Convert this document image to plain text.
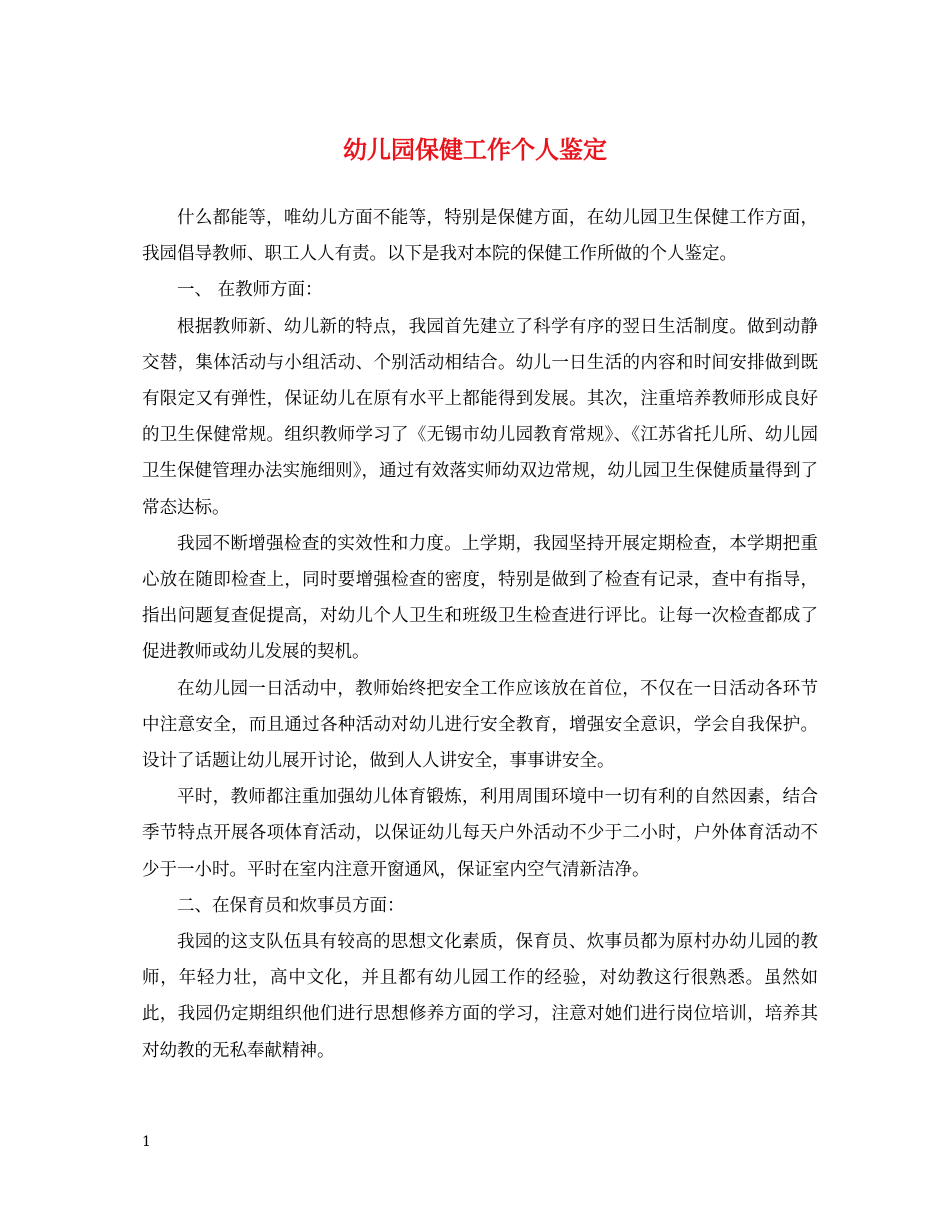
幼儿园保健工作个人鉴定

什么都能等，唯幼儿方面不能等，特别是保健方面，在幼儿园卫生保健工作方面，我园倡导教师、职工人人有责。以下是我对本院的保健工作所做的个人鉴定。

一、 在教师方面：

根据教师新、幼儿新的特点，我园首先建立了科学有序的翌日生活制度。做到动静交替，集体活动与小组活动、个别活动相结合。幼儿一日生活的内容和时间安排做到既有限定又有弹性，保证幼儿在原有水平上都能得到发展。其次，注重培养教师形成良好的卫生保健常规。组织教师学习了《无锡市幼儿园教育常规》、《江苏省托儿所、幼儿园卫生保健管理办法实施细则》，通过有效落实师幼双边常规，幼儿园卫生保健质量得到了常态达标。

我园不断增强检查的实效性和力度。上学期，我园坚持开展定期检查，本学期把重心放在随即检查上，同时要增强检查的密度，特别是做到了检查有记录，查中有指导，指出问题复查促提高，对幼儿个人卫生和班级卫生检查进行评比。让每一次检查都成了促进教师或幼儿发展的契机。

在幼儿园一日活动中，教师始终把安全工作应该放在首位，不仅在一日活动各环节中注意安全，而且通过各种活动对幼儿进行安全教育，增强安全意识，学会自我保护。设计了话题让幼儿展开讨论，做到人人讲安全，事事讲安全。

平时，教师都注重加强幼儿体育锻炼，利用周围环境中一切有利的自然因素，结合季节特点开展各项体育活动，以保证幼儿每天户外活动不少于二小时，户外体育活动不少于一小时。平时在室内注意开窗通风，保证室内空气清新洁净。

二、在保育员和炊事员方面：

我园的这支队伍具有较高的思想文化素质，保育员、炊事员都为原村办幼儿园的教师，年轻力壮，高中文化，并且都有幼儿园工作的经验，对幼教这行很熟悉。虽然如此，我园仍定期组织他们进行思想修养方面的学习，注意对她们进行岗位培训，培养其对幼教的无私奉献精神。

1
